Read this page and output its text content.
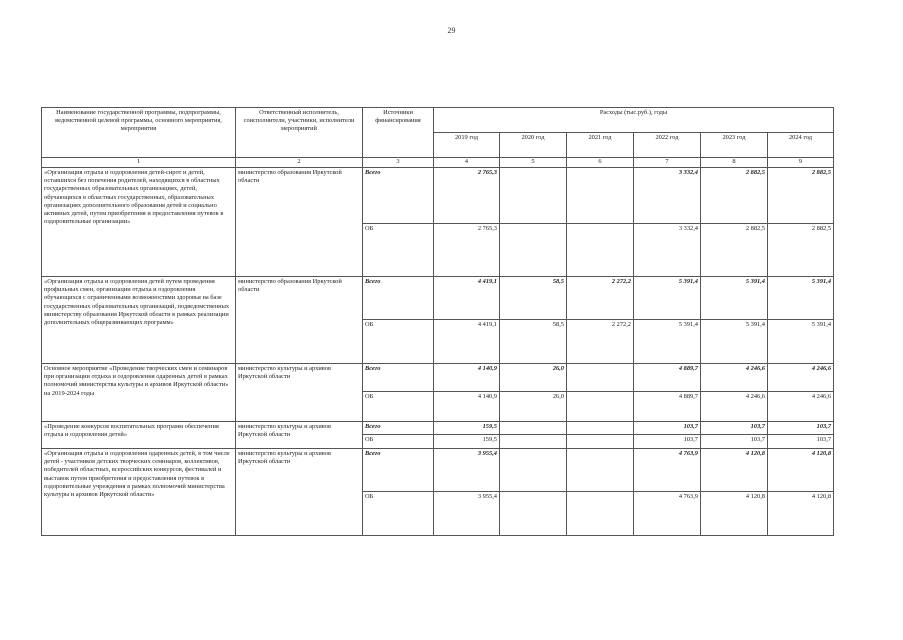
29
Наименование государственной программы, подпрограммы, ведомственной целевой программы, основного мероприятия, мероприятия	Ответственный исполнитель, соисполнители, участники, исполнители мероприятий	Источники финансирования	Расходы (тыс.руб.), годы					
			2019 год	2020 год	2021 год	2022 год	2023 год	2024 год
1	2	3	4	5	6	7	8	9
«Организация отдыха и оздоровления детей-сирот и детей, оставшихся без попечения родителей, находящихся в областных государственных образовательных организациях, детей, обучающихся в областных государственных, образовательных организациях дополнительного образования детей и социально активных детей, путем приобретения и предоставления путевок в оздоровительные организации»	министерство образования Иркутской области	Всего	2 765,3			3 332,4	2 882,5	2 882,5
		ОБ	2 765,3			3 332,4	2 882,5	2 882,5
«Организация отдыха и оздоровления детей путем проведения профильных смен, организации отдыха и оздоровления обучающихся с ограниченными возможностями здоровья на базе государственных образовательных организаций, подведомственных министерству образования Иркутской области в рамках реализации дополнительных общеразвивающих программ»	министерство образования Иркутской области	Всего	4 419,1	58,5	2 272,2	5 391,4	5 391,4	5 391,4
		ОБ	4 419,1	58,5	2 272,2	5 391,4	5 391,4	5 391,4
Основное мероприятие «Проведение творческих смен и семинаров при организации отдыха и оздоровления одаренных детей в рамках полномочий министерства культуры и архивов Иркутской области» на 2019-2024 годы	министерство культуры и архивов Иркутской области	Всего	4 140,9	26,0		4 889,7	4 246,6	4 246,6
		ОБ	4 140,9	26,0		4 889,7	4 246,6	4 246,6
«Проведение конкурсов воспитательных программ обеспечения отдыха и оздоровления детей»	министерство культуры и архивов Иркутской области	Всего	159,5			103,7	103,7	103,7
		ОБ	159,5			103,7	103,7	103,7
«Организация отдыха и оздоровления одаренных детей, в том числе детей - участников детских творческих семинаров, коллективов, победителей областных, всероссийских конкурсов, фестивалей и выставок путем приобретения и предоставления путевок в оздоровительные учреждения в рамках полномочий министерства культуры и архивов Иркутской области»	министерство культуры и архивов Иркутской области	Всего	3 955,4			4 763,9	4 120,8	4 120,8
		ОБ	3 955,4			4 763,9	4 120,8	4 120,8
